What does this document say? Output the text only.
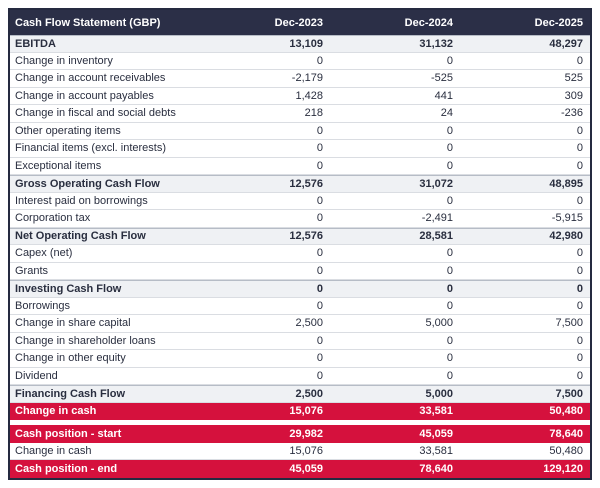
Cash Flow Statement (GBP)	Dec-2023	Dec-2024	Dec-2025
EBITDA	13,109	31,132	48,297
Change in inventory	0	0	0
Change in account receivables	-2,179	-525	525
Change in account payables	1,428	441	309
Change in fiscal and social debts	218	24	-236
Other operating items	0	0	0
Financial items (excl. interests)	0	0	0
Exceptional items	0	0	0
Gross Operating Cash Flow	12,576	31,072	48,895
Interest paid on borrowings	0	0	0
Corporation tax	0	-2,491	-5,915
Net Operating Cash Flow	12,576	28,581	42,980
Capex (net)	0	0	0
Grants	0	0	0
Investing Cash Flow	0	0	0
Borrowings	0	0	0
Change in share capital	2,500	5,000	7,500
Change in shareholder loans	0	0	0
Change in other equity	0	0	0
Dividend	0	0	0
Financing Cash Flow	2,500	5,000	7,500
Change in cash	15,076	33,581	50,480
Cash position - start	29,982	45,059	78,640
Change in cash	15,076	33,581	50,480
Cash position - end	45,059	78,640	129,120
